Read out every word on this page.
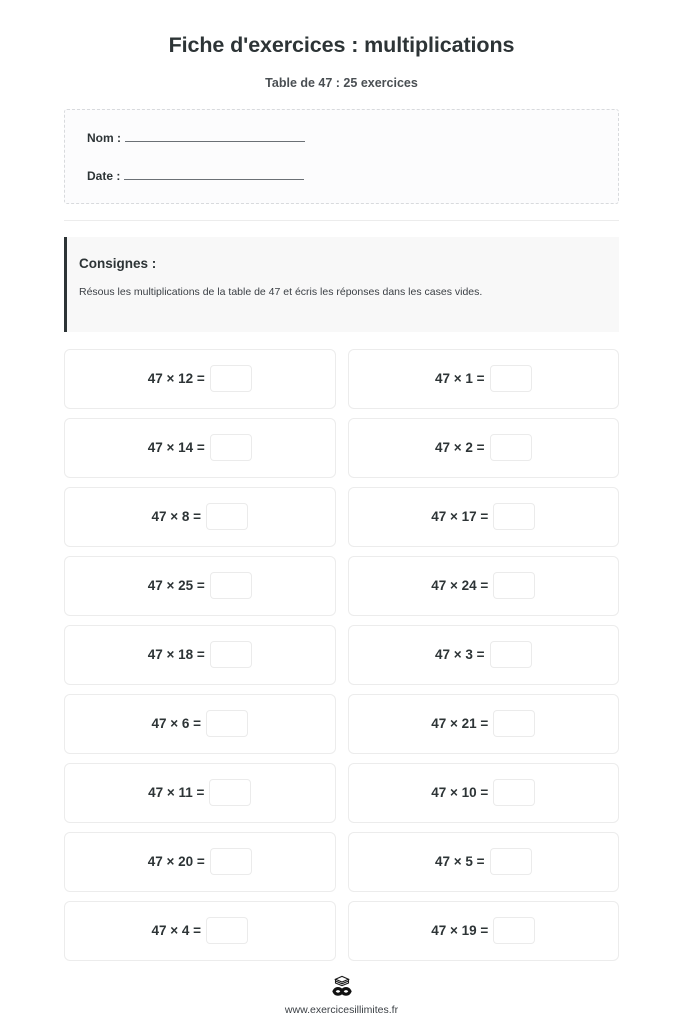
Fiche d'exercices : multiplications

Table de 47 : 25 exercices

Nom :
Date :
Consignes :

Résous les multiplications de la table de 47 et écris les réponses dans les cases vides.

47 × 12 =	47 × 1 =
47 × 14 =	47 × 2 =
47 × 8 =	47 × 17 =
47 × 25 =	47 × 24 =
47 × 18 =	47 × 3 =
47 × 6 =	47 × 21 =
47 × 11 =	47 × 10 =
47 × 20 =	47 × 5 =
47 × 4 =	47 × 19 =

www.exercicesillimites.fr
